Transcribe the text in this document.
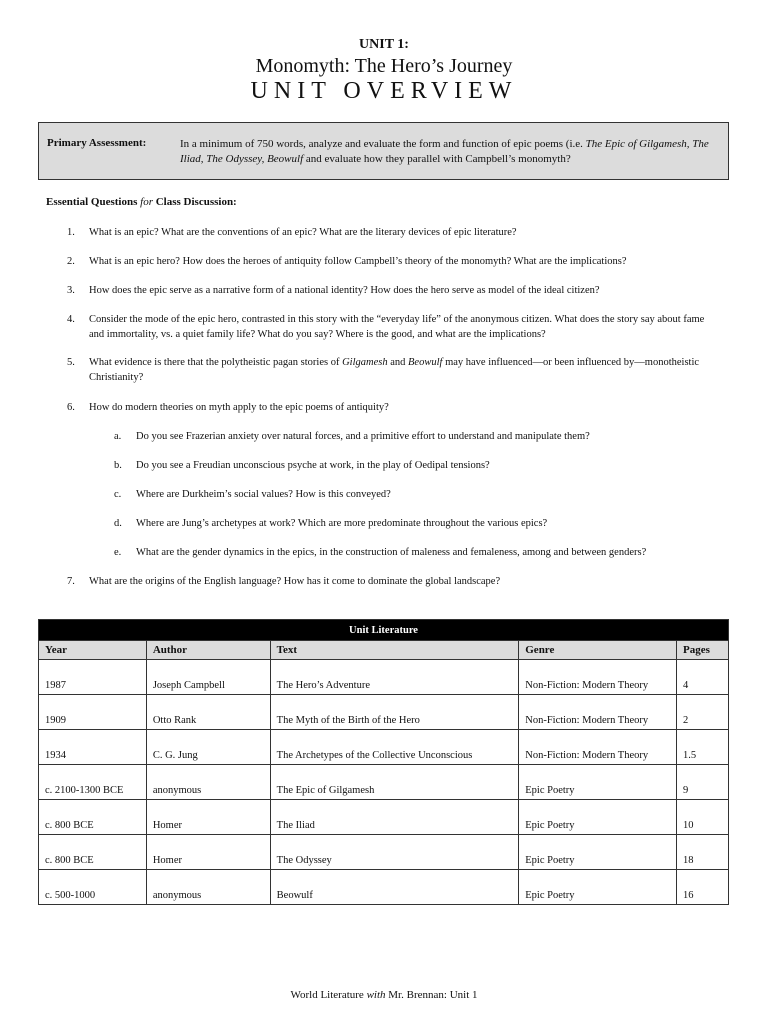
UNIT 1:
Monomyth: The Hero’s Journey
UNIT OVERVIEW
Primary Assessment:	In a minimum of 750 words, analyze and evaluate the form and function of epic poems (i.e. The Epic of Gilgamesh, The Iliad, The Odyssey, Beowulf and evaluate how they parallel with Campbell’s monomyth?
Essential Questions for Class Discussion:
1. What is an epic? What are the conventions of an epic? What are the literary devices of epic literature?
2. What is an epic hero? How does the heroes of antiquity follow Campbell’s theory of the monomyth? What are the implications?
3. How does the epic serve as a narrative form of a national identity? How does the hero serve as model of the ideal citizen?
4. Consider the mode of the epic hero, contrasted in this story with the “everyday life” of the anonymous citizen. What does the story say about fame and immortality, vs. a quiet family life? What do you say? Where is the good, and what are the implications?
5. What evidence is there that the polytheistic pagan stories of Gilgamesh and Beowulf may have influenced—or been influenced by—monotheistic Christianity?
6. How do modern theories on myth apply to the epic poems of antiquity?
a. Do you see Frazerian anxiety over natural forces, and a primitive effort to understand and manipulate them?
b. Do you see a Freudian unconscious psyche at work, in the play of Oedipal tensions?
c. Where are Durkheim’s social values? How is this conveyed?
d. Where are Jung’s archetypes at work? Which are more predominate throughout the various epics?
e. What are the gender dynamics in the epics, in the construction of maleness and femaleness, among and between genders?
7. What are the origins of the English language? How has it come to dominate the global landscape?
Unit Literature				
Year	Author	Text	Genre	Pages
1987	Joseph Campbell	The Hero’s Adventure	Non-Fiction: Modern Theory	4
1909	Otto Rank	The Myth of the Birth of the Hero	Non-Fiction: Modern Theory	2
1934	C. G. Jung	The Archetypes of the Collective Unconscious	Non-Fiction: Modern Theory	1.5
c. 2100-1300 BCE	anonymous	The Epic of Gilgamesh	Epic Poetry	9
c. 800 BCE	Homer	The Iliad	Epic Poetry	10
c. 800 BCE	Homer	The Odyssey	Epic Poetry	18
c. 500-1000	anonymous	Beowulf	Epic Poetry	16
World Literature with Mr. Brennan: Unit 1
